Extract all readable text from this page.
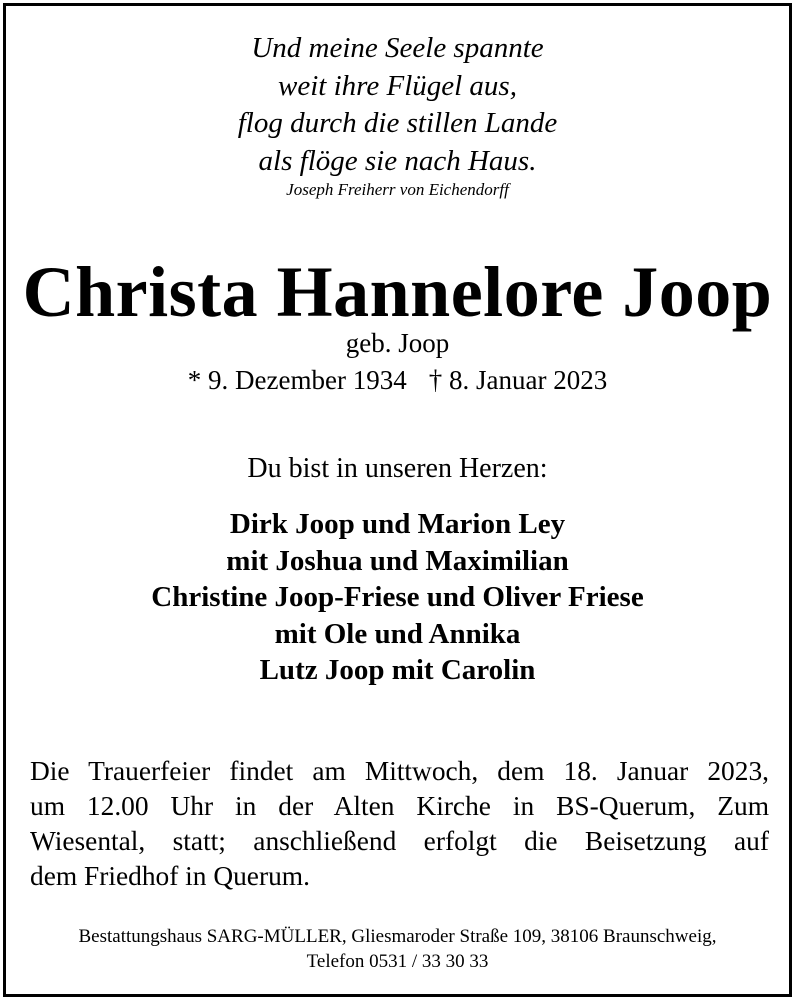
Und meine Seele spannte
weit ihre Flügel aus,
flog durch die stillen Lande
als flöge sie nach Haus.
Joseph Freiherr von Eichendorff
Christa Hannelore Joop
geb. Joop
* 9. Dezember 1934 † 8. Januar 2023
Du bist in unseren Herzen:
Dirk Joop und Marion Ley
mit Joshua und Maximilian
Christine Joop-Friese und Oliver Friese
mit Ole und Annika
Lutz Joop mit Carolin
Die Trauerfeier findet am Mittwoch, dem 18. Januar 2023,
um 12.00 Uhr in der Alten Kirche in BS-Querum, Zum
Wiesental, statt; anschließend erfolgt die Beisetzung auf
dem Friedhof in Querum.
Bestattungshaus SARG-MÜLLER, Gliesmaroder Straße 109, 38106 Braunschweig,
Telefon 0531 / 33 30 33
